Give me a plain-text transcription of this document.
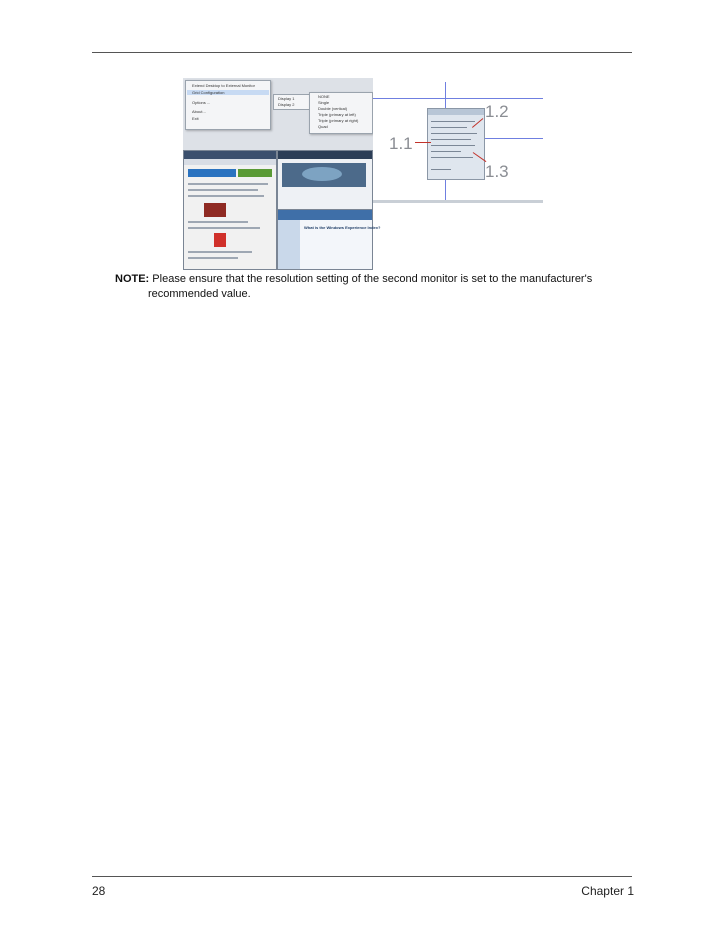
Extend Desktop to External Monitor
Grid Configuration
Options ...
About...
Exit
Display 1
Display 2
NONE
Single
Double (vertical)
Triple (primary at left)
Triple (primary at right)
Quad
What is the Windows Experience Index?
1.1
1.2
1.3
NOTE: Please ensure that the resolution setting of the second monitor is set to the manufacturer's
recommended value.
28	Chapter 1
